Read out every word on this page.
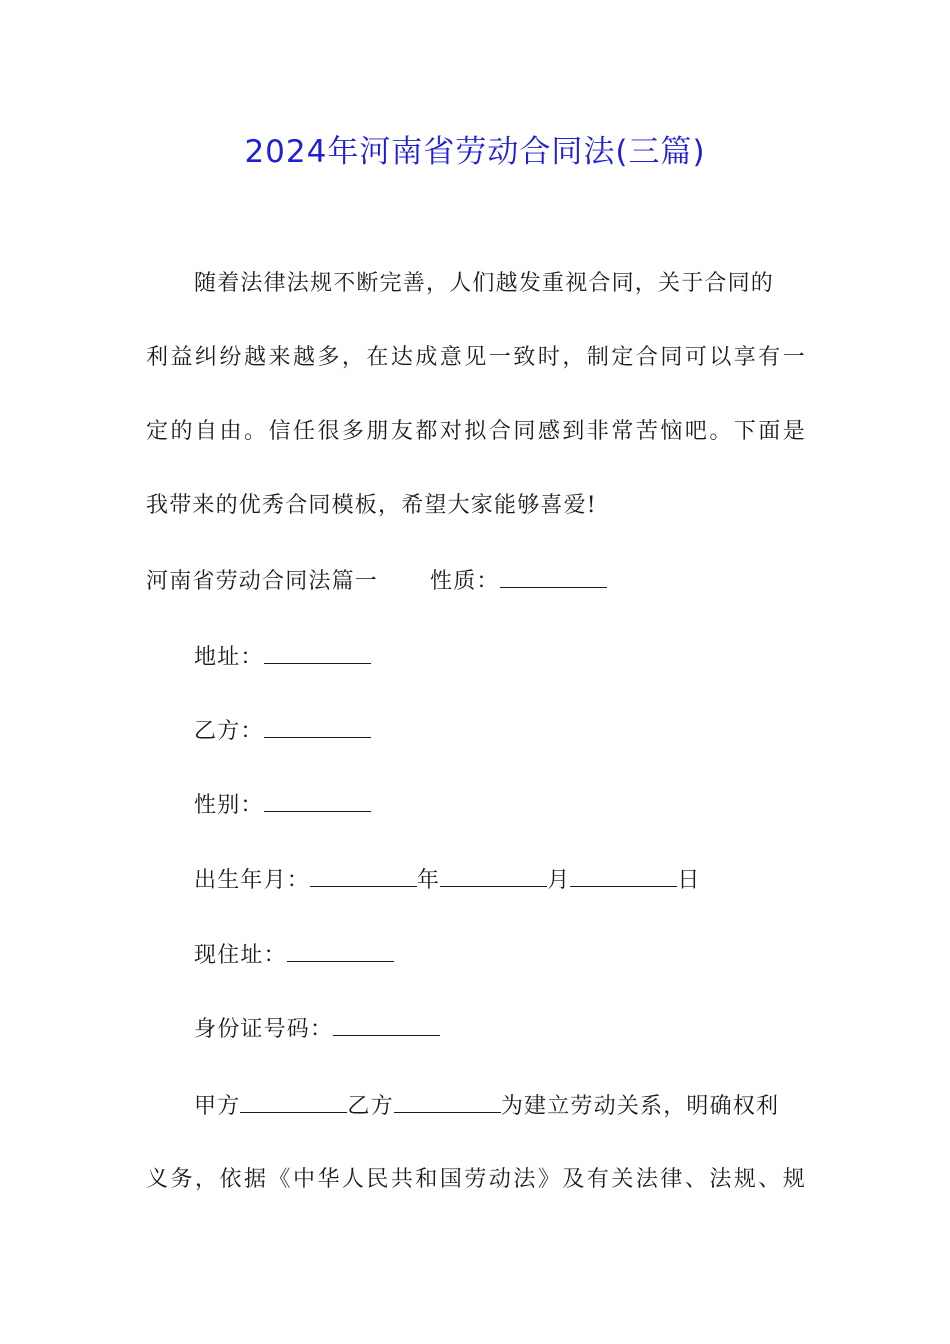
2024年河南省劳动合同法(三篇)
随着法律法规不断完善，人们越发重视合同，关于合同的
利益纠纷越来越多，在达成意见一致时，制定合同可以享有一
定的自由。信任很多朋友都对拟合同感到非常苦恼吧。下面是
我带来的优秀合同模板，希望大家能够喜爱!
河南省劳动合同法篇一 性质：
地址：
乙方：
性别：
出生年月：	年	月	日
现住址：
身份证号码：
甲方	乙方	为建立劳动关系，明确权利
义务，依据《中华人民共和国劳动法》及有关法律、法规、规
